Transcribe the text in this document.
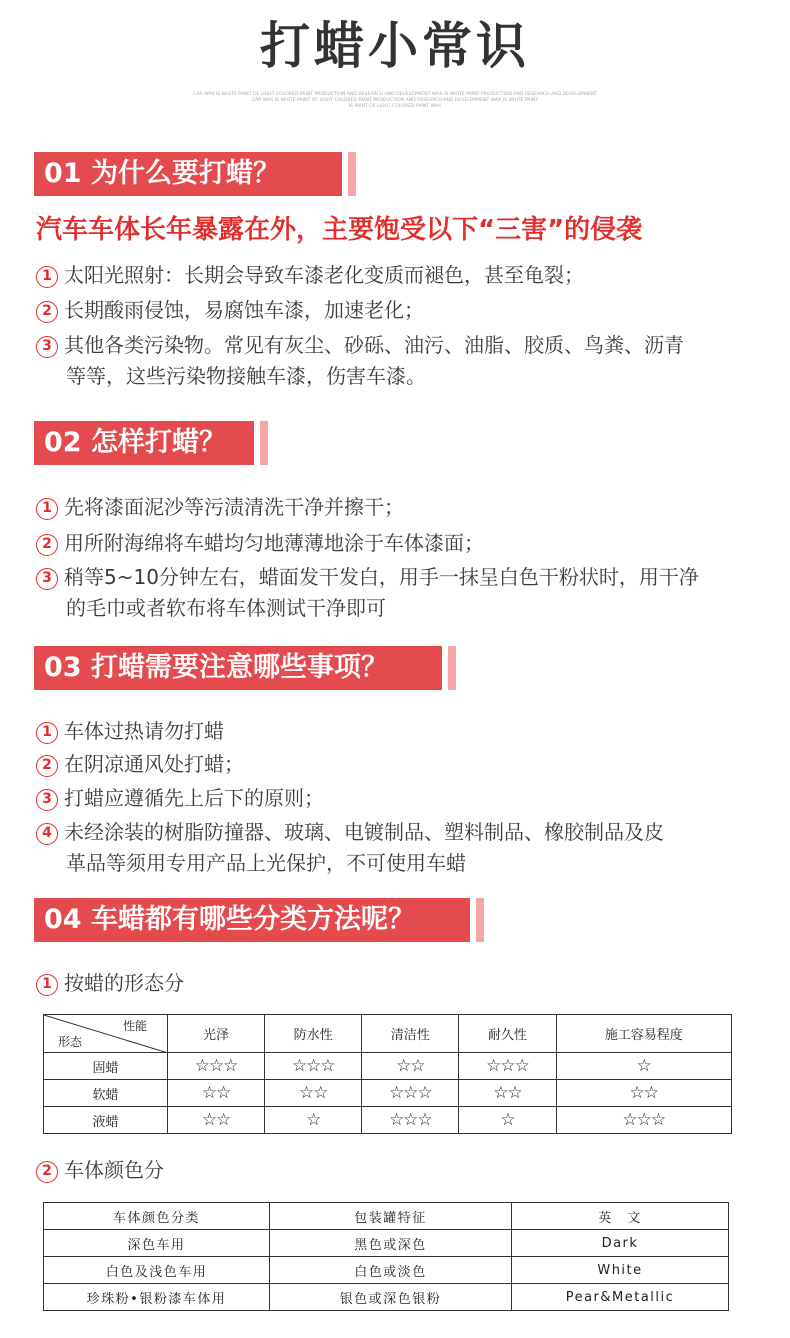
打蜡小常识
CAR WAX IS WHITE PAINT OF LIGHT COLORED PAINT PRODUCTION AND RESEARCH AND DEVELOPMENT WAX IS WHITE PAINT PRODUCTION AND RESEARCH AND DEVELOPMENT
CAR WAX IS WHITE PAINT OF LIGHT COLORED PAINT PRODUCTION AND RESEARCH AND DEVELOPMENT WAX IS WHITE PAINT
IS PAINT OF LIGHT COLORED PAINT WAX
01 为什么要打蜡？
汽车车体长年暴露在外，主要饱受以下“三害”的侵袭
1 太阳光照射：长期会导致车漆老化变质而褪色，甚至龟裂；
2 长期酸雨侵蚀，易腐蚀车漆，加速老化；
3 其他各类污染物。常见有灰尘、砂砾、油污、油脂、胶质、鸟粪、沥青
等等，这些污染物接触车漆，伤害车漆。
02 怎样打蜡？
1 先将漆面泥沙等污渍清洗干净并擦干；
2 用所附海绵将车蜡均匀地薄薄地涂于车体漆面；
3 稍等5~10分钟左右，蜡面发干发白，用手一抹呈白色干粉状时，用干净
的毛巾或者软布将车体测试干净即可
03 打蜡需要注意哪些事项？
1 车体过热请勿打蜡
2 在阴凉通风处打蜡；
3 打蜡应遵循先上后下的原则；
4 未经涂装的树脂防撞器、玻璃、电镀制品、塑料制品、橡胶制品及皮
革品等须用专用产品上光保护，不可使用车蜡
04 车蜡都有哪些分类方法呢？
1 按蜡的形态分
性能
形态	光泽	防水性	清洁性	耐久性	施工容易程度
固蜡	☆☆☆	☆☆☆	☆☆	☆☆☆	☆
软蜡	☆☆	☆☆	☆☆☆	☆☆	☆☆
液蜡	☆☆	☆	☆☆☆	☆	☆☆☆
2 车体颜色分
车体颜色分类	包装罐特征	英　文
深色车用	黑色或深色	Dark
白色及浅色车用	白色或淡色	White
珍珠粉•银粉漆车体用	银色或深色银粉	Pear&Metallic
